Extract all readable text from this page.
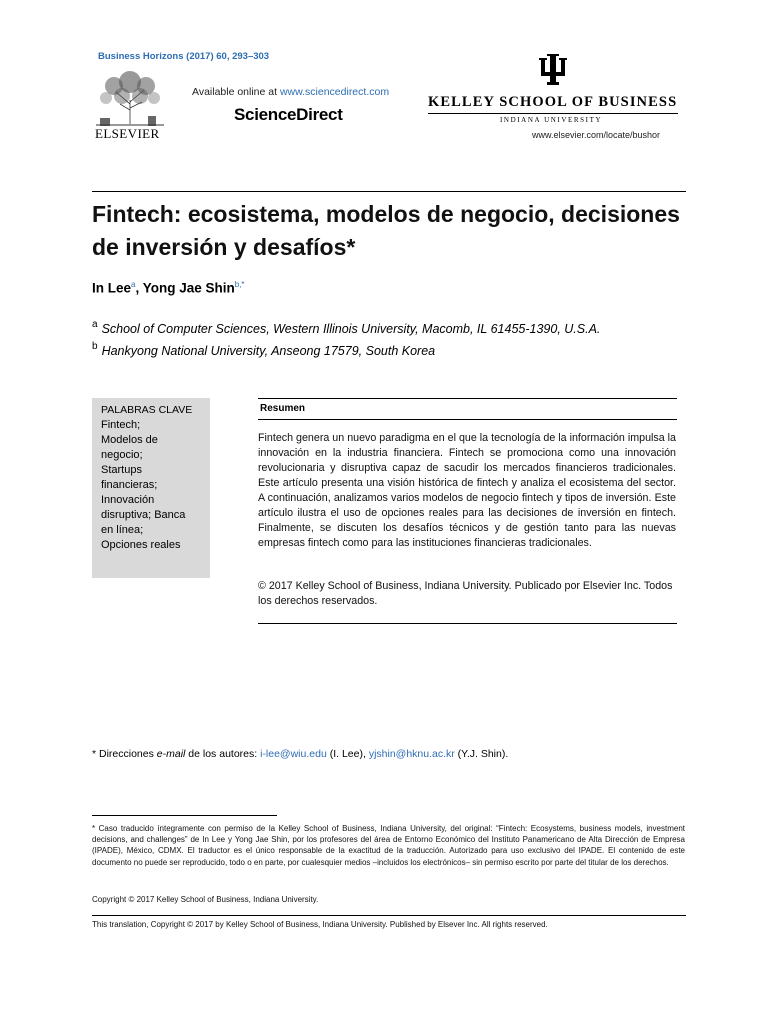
Business Horizons (2017) 60, 293–303
ELSEVIER
Available online at www.sciencedirect.com
ScienceDirect
KELLEY SCHOOL OF BUSINESS
INDIANA UNIVERSITY
www.elsevier.com/locate/bushor
Fintech: ecosistema, modelos de negocio, decisiones de inversión y desafíos*
In Lee$^a$, Yong Jae Shin$^{b,*}$
$^a$ School of Computer Sciences, Western Illinois University, Macomb, IL 61455-1390, U.S.A.
$^b$ Hankyong National University, Anseong 17579, South Korea
PALABRAS CLAVE
Fintech;
Modelos de
negocio;
Startups
financieras;
Innovación
disruptiva; Banca
en línea;
Opciones reales
Resumen
Fintech genera un nuevo paradigma en el que la tecnología de la información impulsa la innovación en la industria financiera. Fintech se promociona como una innovación revolucionaria y disruptiva capaz de sacudir los mercados financieros tradicionales. Este artículo presenta una visión histórica de fintech y analiza el ecosistema del sector. A continuación, analizamos varios modelos de negocio fintech y tipos de inversión. Este artículo ilustra el uso de opciones reales para las decisiones de inversión en fintech. Finalmente, se discuten los desafíos técnicos y de gestión tanto para las nuevas empresas fintech como para las instituciones financieras tradicionales.
© 2017 Kelley School of Business, Indiana University. Publicado por Elsevier Inc. Todos los derechos reservados.
* Direcciones e-mail de los autores: i-lee@wiu.edu (I. Lee), yjshin@hknu.ac.kr (Y.J. Shin).
* Caso traducido íntegramente con permiso de la Kelley School of Business, Indiana University, del original: “Fintech: Ecosystems, business models, investment decisions, and challenges” de In Lee y Yong Jae Shin, por los profesores del área de Entorno Económico del Instituto Panamericano de Alta Dirección de Empresa (IPADE), México, CDMX. El traductor es el único responsable de la exactitud de la traducción. Autorizado para uso exclusivo del IPADE. El contenido de este documento no puede ser reproducido, todo o en parte, por cualesquier medios –incluidos los electrónicos– sin permiso escrito por parte del titular de los derechos.
Copyright © 2017 Kelley School of Business, Indiana University.
This translation, Copyright © 2017 by Kelley School of Business, Indiana University. Published by Elsever Inc. All rights reserved.
